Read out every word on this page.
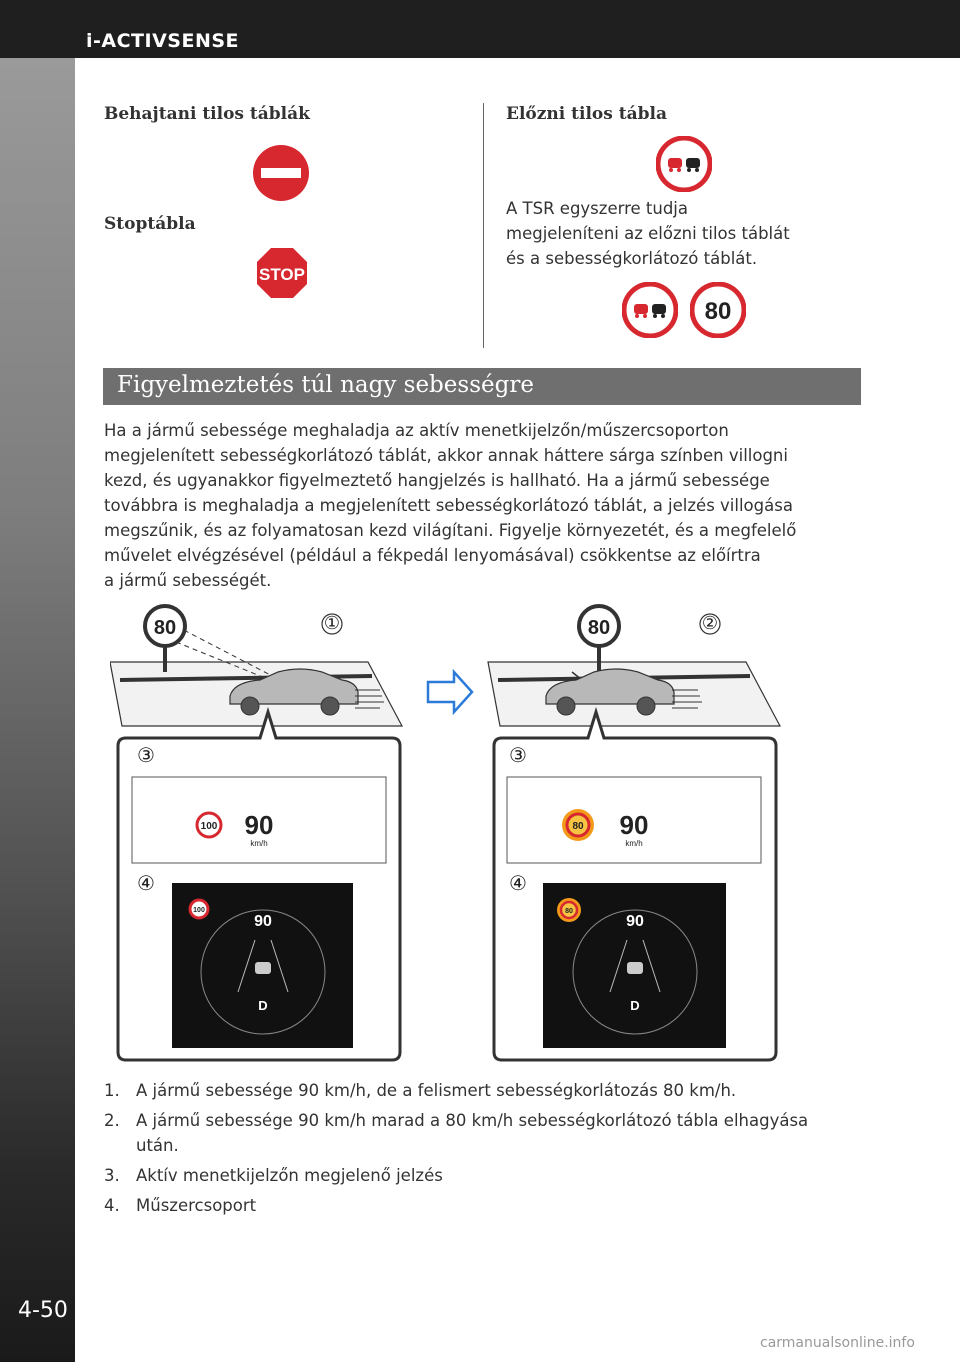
i-ACTIVSENSE
4-50
Behajtani tilos táblák
Stoptábla
STOP
Előzni tilos tábla
A TSR egyszerre tudja
megjeleníteni az előzni tilos táblát
és a sebességkorlátozó táblát.
80
Figyelmeztetés túl nagy sebességre
Ha a jármű sebessége meghaladja az aktív menetkijelzőn/műszercsoporton
megjelenített sebességkorlátozó táblát, akkor annak háttere sárga színben villogni
kezd, és ugyanakkor figyelmeztető hangjelzés is hallható. Ha a jármű sebessége
továbbra is meghaladja a megjelenített sebességkorlátozó táblát, a jelzés villogása
megszűnik, és az folyamatosan kezd világítani. Figyelje környezetét, és a megfelelő
művelet elvégzésével (például a fékpedál lenyomásával) csökkentse az előírtra
a jármű sebességét.
80	①
③
100 90
km/h
④
100
90
D
80	②
③
80 90
km/h
④
80
90
D
1. A jármű sebessége 90 km/h, de a felismert sebességkorlátozás 80 km/h.
2. A jármű sebessége 90 km/h marad a 80 km/h sebességkorlátozó tábla elhagyása után.
3. Aktív menetkijelzőn megjelenő jelzés
4. Műszercsoport
carmanualsonline.info
